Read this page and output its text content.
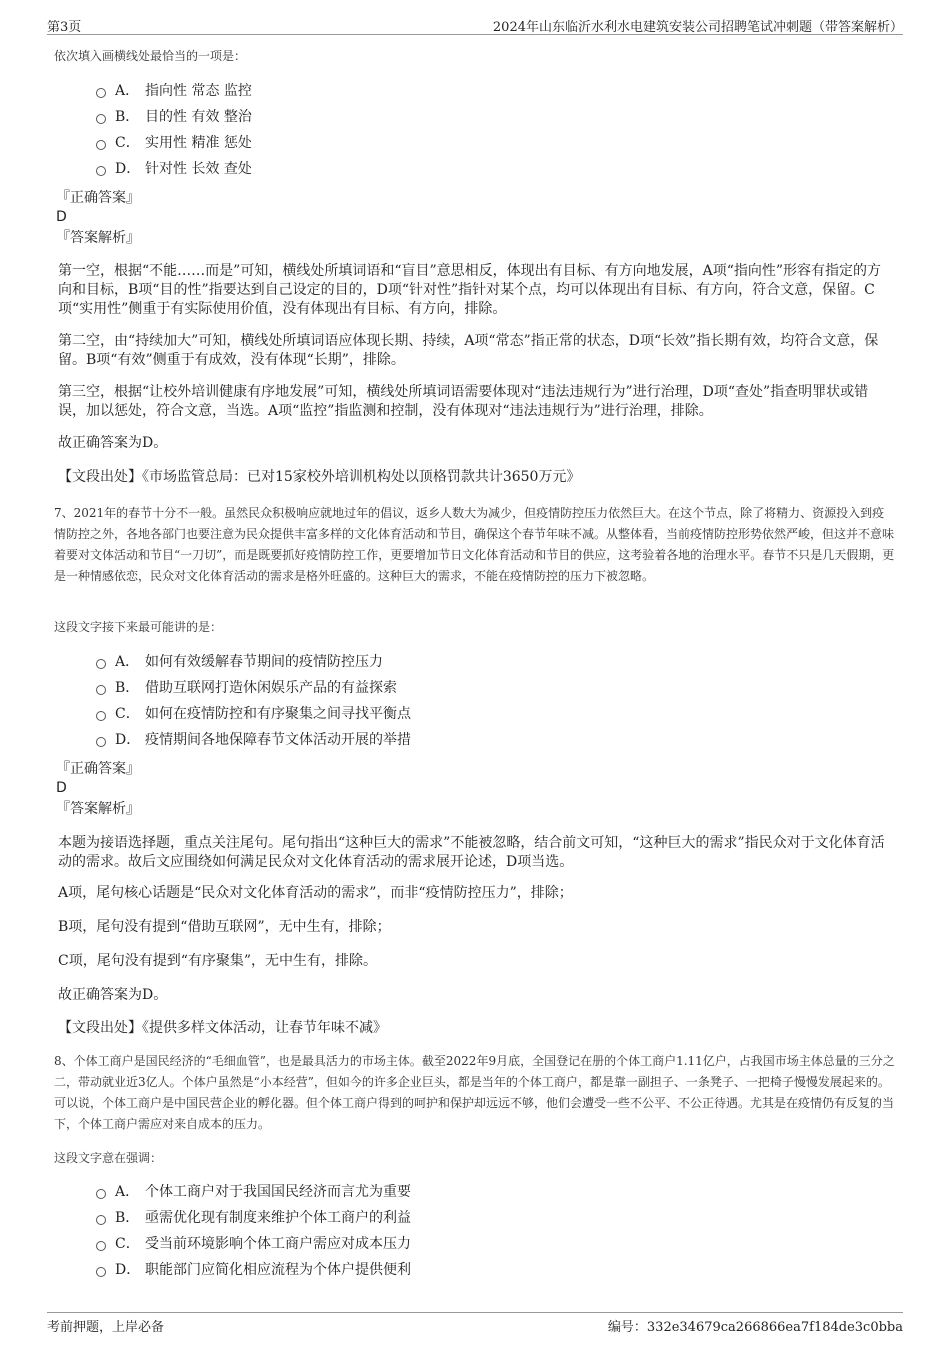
第3页	2024年山东临沂水利水电建筑安装公司招聘笔试冲刺题（带答案解析）
依次填入画横线处最恰当的一项是：
A． 指向性 常态 监控
B． 目的性 有效 整治
C． 实用性 精准 惩处
D． 针对性 长效 查处
『正确答案』
D
『答案解析』
第一空，根据“不能……而是”可知，横线处所填词语和“盲目”意思相反，体现出有目标、有方向地发展，A项“指向性”形容有指定的方向和目标，B项“目的性”指要达到自己设定的目的，D项“针对性”指针对某个点，均可以体现出有目标、有方向，符合文意，保留。C项“实用性”侧重于有实际使用价值，没有体现出有目标、有方向，排除。
第二空，由“持续加大”可知，横线处所填词语应体现长期、持续，A项“常态”指正常的状态，D项“长效”指长期有效，均符合文意，保留。B项“有效”侧重于有成效，没有体现“长期”，排除。
第三空，根据“让校外培训健康有序地发展”可知，横线处所填词语需要体现对“违法违规行为”进行治理，D项“查处”指查明罪状或错误，加以惩处，符合文意，当选。A项“监控”指监测和控制，没有体现对“违法违规行为”进行治理，排除。
故正确答案为D。
【文段出处】《市场监管总局：已对15家校外培训机构处以顶格罚款共计3650万元》
7、2021年的春节十分不一般。虽然民众积极响应就地过年的倡议，返乡人数大为减少，但疫情防控压力依然巨大。在这个节点，除了将精力、资源投入到疫情防控之外，各地各部门也要注意为民众提供丰富多样的文化体育活动和节目，确保这个春节年味不减。从整体看，当前疫情防控形势依然严峻，但这并不意味着要对文体活动和节目“一刀切”，而是既要抓好疫情防控工作，更要增加节日文化体育活动和节目的供应，这考验着各地的治理水平。春节不只是几天假期，更是一种情感依恋，民众对文化体育活动的需求是格外旺盛的。这种巨大的需求，不能在疫情防控的压力下被忽略。
这段文字接下来最可能讲的是：
A． 如何有效缓解春节期间的疫情防控压力
B． 借助互联网打造休闲娱乐产品的有益探索
C． 如何在疫情防控和有序聚集之间寻找平衡点
D． 疫情期间各地保障春节文体活动开展的举措
『正确答案』
D
『答案解析』
本题为接语选择题，重点关注尾句。尾句指出“这种巨大的需求”不能被忽略，结合前文可知，“这种巨大的需求”指民众对于文化体育活动的需求。故后文应围绕如何满足民众对文化体育活动的需求展开论述，D项当选。
A项，尾句核心话题是“民众对文化体育活动的需求”，而非“疫情防控压力”，排除；
B项，尾句没有提到“借助互联网”，无中生有，排除；
C项，尾句没有提到“有序聚集”，无中生有，排除。
故正确答案为D。
【文段出处】《提供多样文体活动，让春节年味不减》
8、个体工商户是国民经济的“毛细血管”，也是最具活力的市场主体。截至2022年9月底，全国登记在册的个体工商户1.11亿户，占我国市场主体总量的三分之二，带动就业近3亿人。个体户虽然是“小本经营”，但如今的许多企业巨头，都是当年的个体工商户，都是靠一副担子、一条凳子、一把椅子慢慢发展起来的。可以说，个体工商户是中国民营企业的孵化器。但个体工商户得到的呵护和保护却远远不够，他们会遭受一些不公平、不公正待遇。尤其是在疫情仍有反复的当下，个体工商户需应对来自成本的压力。
这段文字意在强调：
A． 个体工商户对于我国国民经济而言尤为重要
B． 亟需优化现有制度来维护个体工商户的利益
C． 受当前环境影响个体工商户需应对成本压力
D． 职能部门应简化相应流程为个体户提供便利
考前押题，上岸必备	编号：332e34679ca266866ea7f184de3c0bba
